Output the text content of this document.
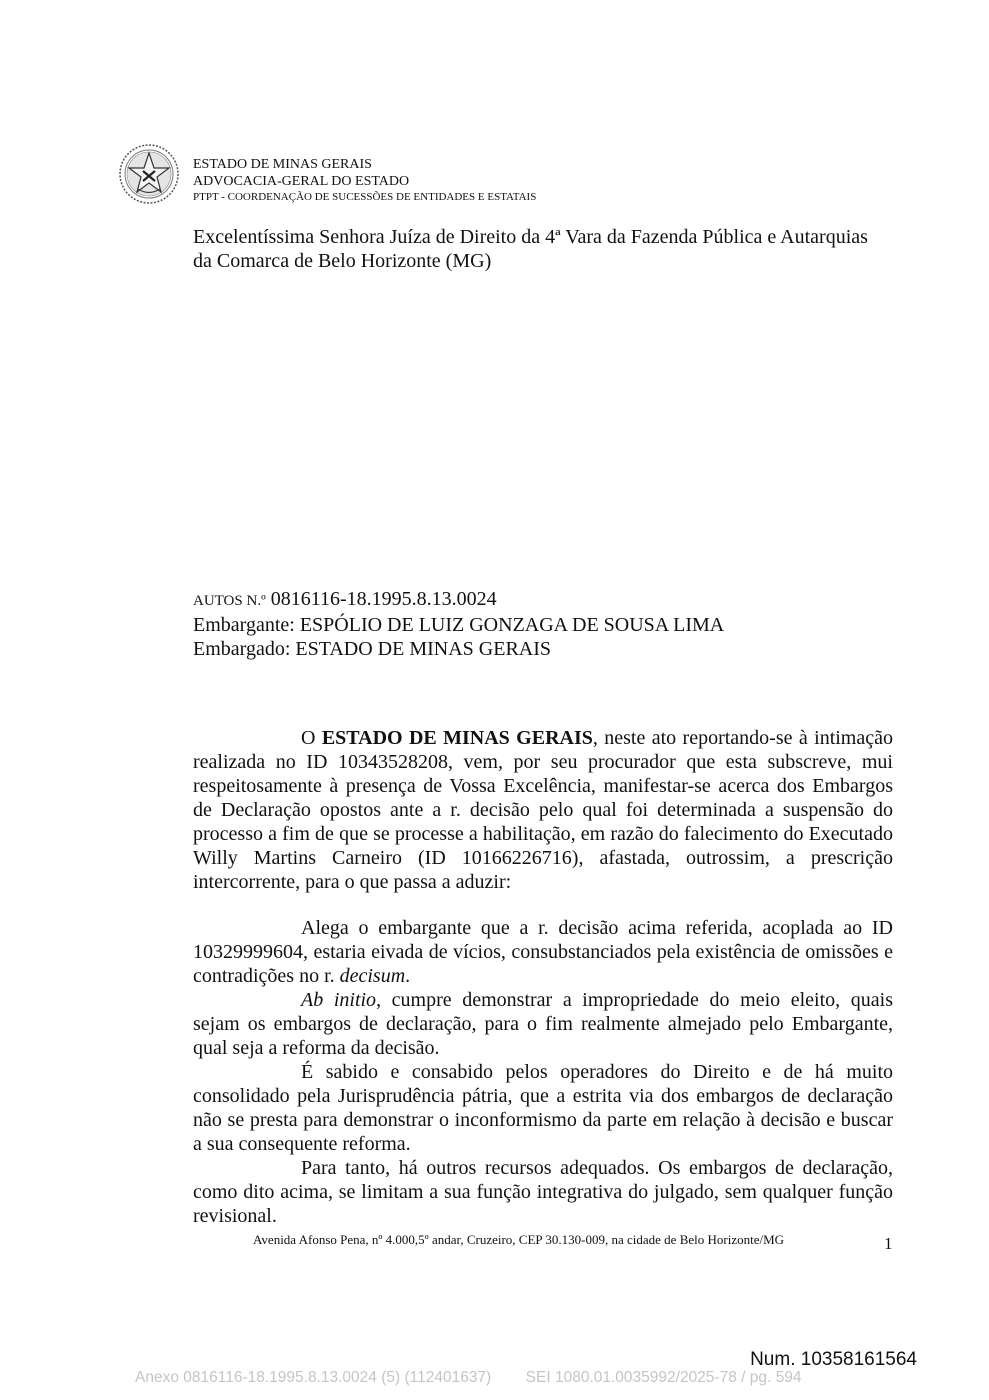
ESTADO DE MINAS GERAIS
ADVOCACIA-GERAL DO ESTADO
PTPT - COORDENAÇÃO DE SUCESSÕES DE ENTIDADES E ESTATAIS
Excelentíssima Senhora Juíza de Direito da 4ª Vara da Fazenda Pública e Autarquias
da Comarca de Belo Horizonte (MG)
AUTOS N.º 0816116-18.1995.8.13.0024
Embargante: ESPÓLIO DE LUIZ GONZAGA DE SOUSA LIMA
Embargado: ESTADO DE MINAS GERAIS

O ESTADO DE MINAS GERAIS, neste ato reportando-se à intimação realizada no ID 10343528208, vem, por seu procurador que esta subscreve, mui respeitosamente à presença de Vossa Excelência, manifestar-se acerca dos Embargos de Declaração opostos ante a r. decisão pelo qual foi determinada a suspensão do processo a fim de que se processe a habilitação, em razão do falecimento do Executado Willy Martins Carneiro (ID 10166226716), afastada, outrossim, a prescrição intercorrente, para o que passa a aduzir:

Alega o embargante que a r. decisão acima referida, acoplada ao ID 10329999604, estaria eivada de vícios, consubstanciados pela existência de omissões e contradições no r. decisum.

Ab initio, cumpre demonstrar a impropriedade do meio eleito, quais sejam os embargos de declaração, para o fim realmente almejado pelo Embargante, qual seja a reforma da decisão.

É sabido e consabido pelos operadores do Direito e de há muito consolidado pela Jurisprudência pátria, que a estrita via dos embargos de declaração não se presta para demonstrar o inconformismo da parte em relação à decisão e buscar a sua consequente reforma.

Para tanto, há outros recursos adequados. Os embargos de declaração, como dito acima, se limitam a sua função integrativa do julgado, sem qualquer função revisional.

Avenida Afonso Pena, nº 4.000,5º andar, Cruzeiro, CEP 30.130-009, na cidade de Belo Horizonte/MG	1
Num. 10358161564
Anexo 0816116-18.1995.8.13.0024 (5) (112401637) SEI 1080.01.0035992/2025-78 / pg. 594
